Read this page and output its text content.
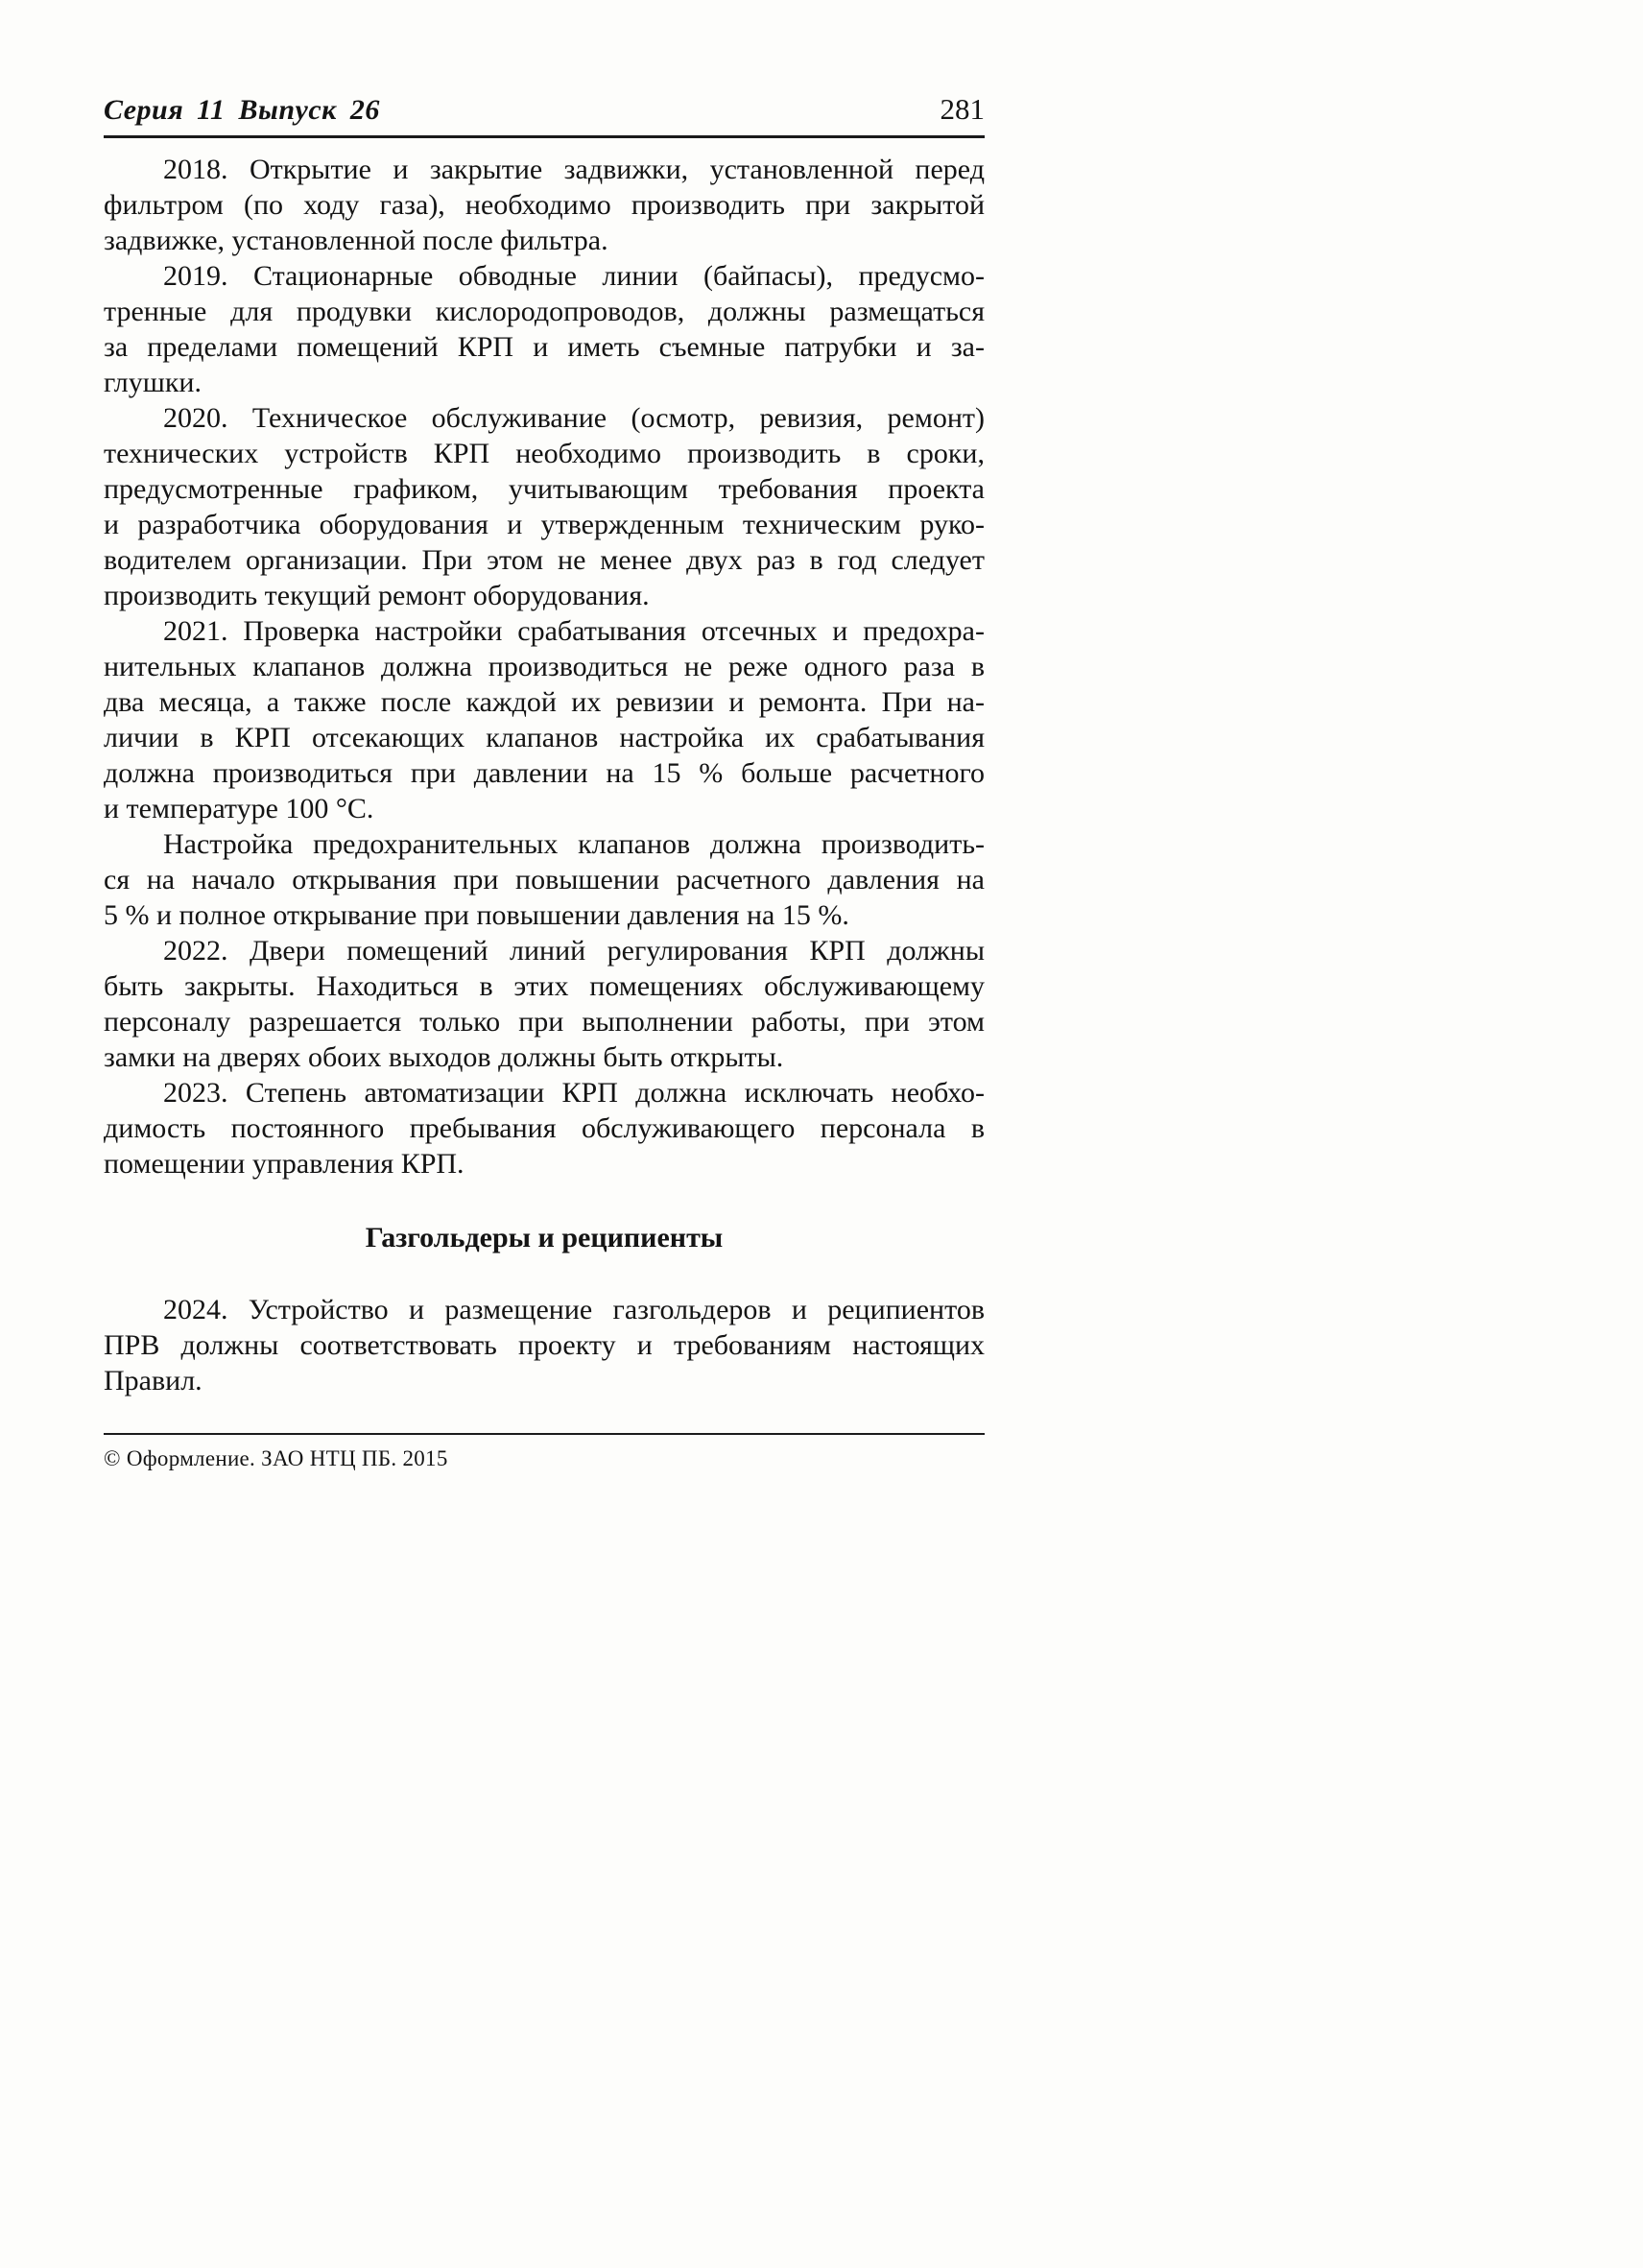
Серия 11 Выпуск 26	281
2018. Открытие и закрытие задвижки, установленной перед
фильтром (по ходу газа), необходимо производить при закрытой
задвижке, установленной после фильтра.
2019. Стационарные обводные линии (байпасы), предусмо-
тренные для продувки кислородопроводов, должны размещаться
за пределами помещений КРП и иметь съемные патрубки и за-
глушки.
2020. Техническое обслуживание (осмотр, ревизия, ремонт)
технических устройств КРП необходимо производить в сроки,
предусмотренные графиком, учитывающим требования проекта
и разработчика оборудования и утвержденным техническим руко-
водителем организации. При этом не менее двух раз в год следует
производить текущий ремонт оборудования.
2021. Проверка настройки срабатывания отсечных и предохра-
нительных клапанов должна производиться не реже одного раза в
два месяца, а также после каждой их ревизии и ремонта. При на-
личии в КРП отсекающих клапанов настройка их срабатывания
должна производиться при давлении на 15 % больше расчетного
и температуре 100 °С.
Настройка предохранительных клапанов должна производить-
ся на начало открывания при повышении расчетного давления на
5 % и полное открывание при повышении давления на 15 %.
2022. Двери помещений линий регулирования КРП должны
быть закрыты. Находиться в этих помещениях обслуживающему
персоналу разрешается только при выполнении работы, при этом
замки на дверях обоих выходов должны быть открыты.
2023. Степень автоматизации КРП должна исключать необхо-
димость постоянного пребывания обслуживающего персонала в
помещении управления КРП.
Газгольдеры и реципиенты
2024. Устройство и размещение газгольдеров и реципиентов
ПРВ должны соответствовать проекту и требованиям настоящих
Правил.
© Оформление. ЗАО НТЦ ПБ. 2015
